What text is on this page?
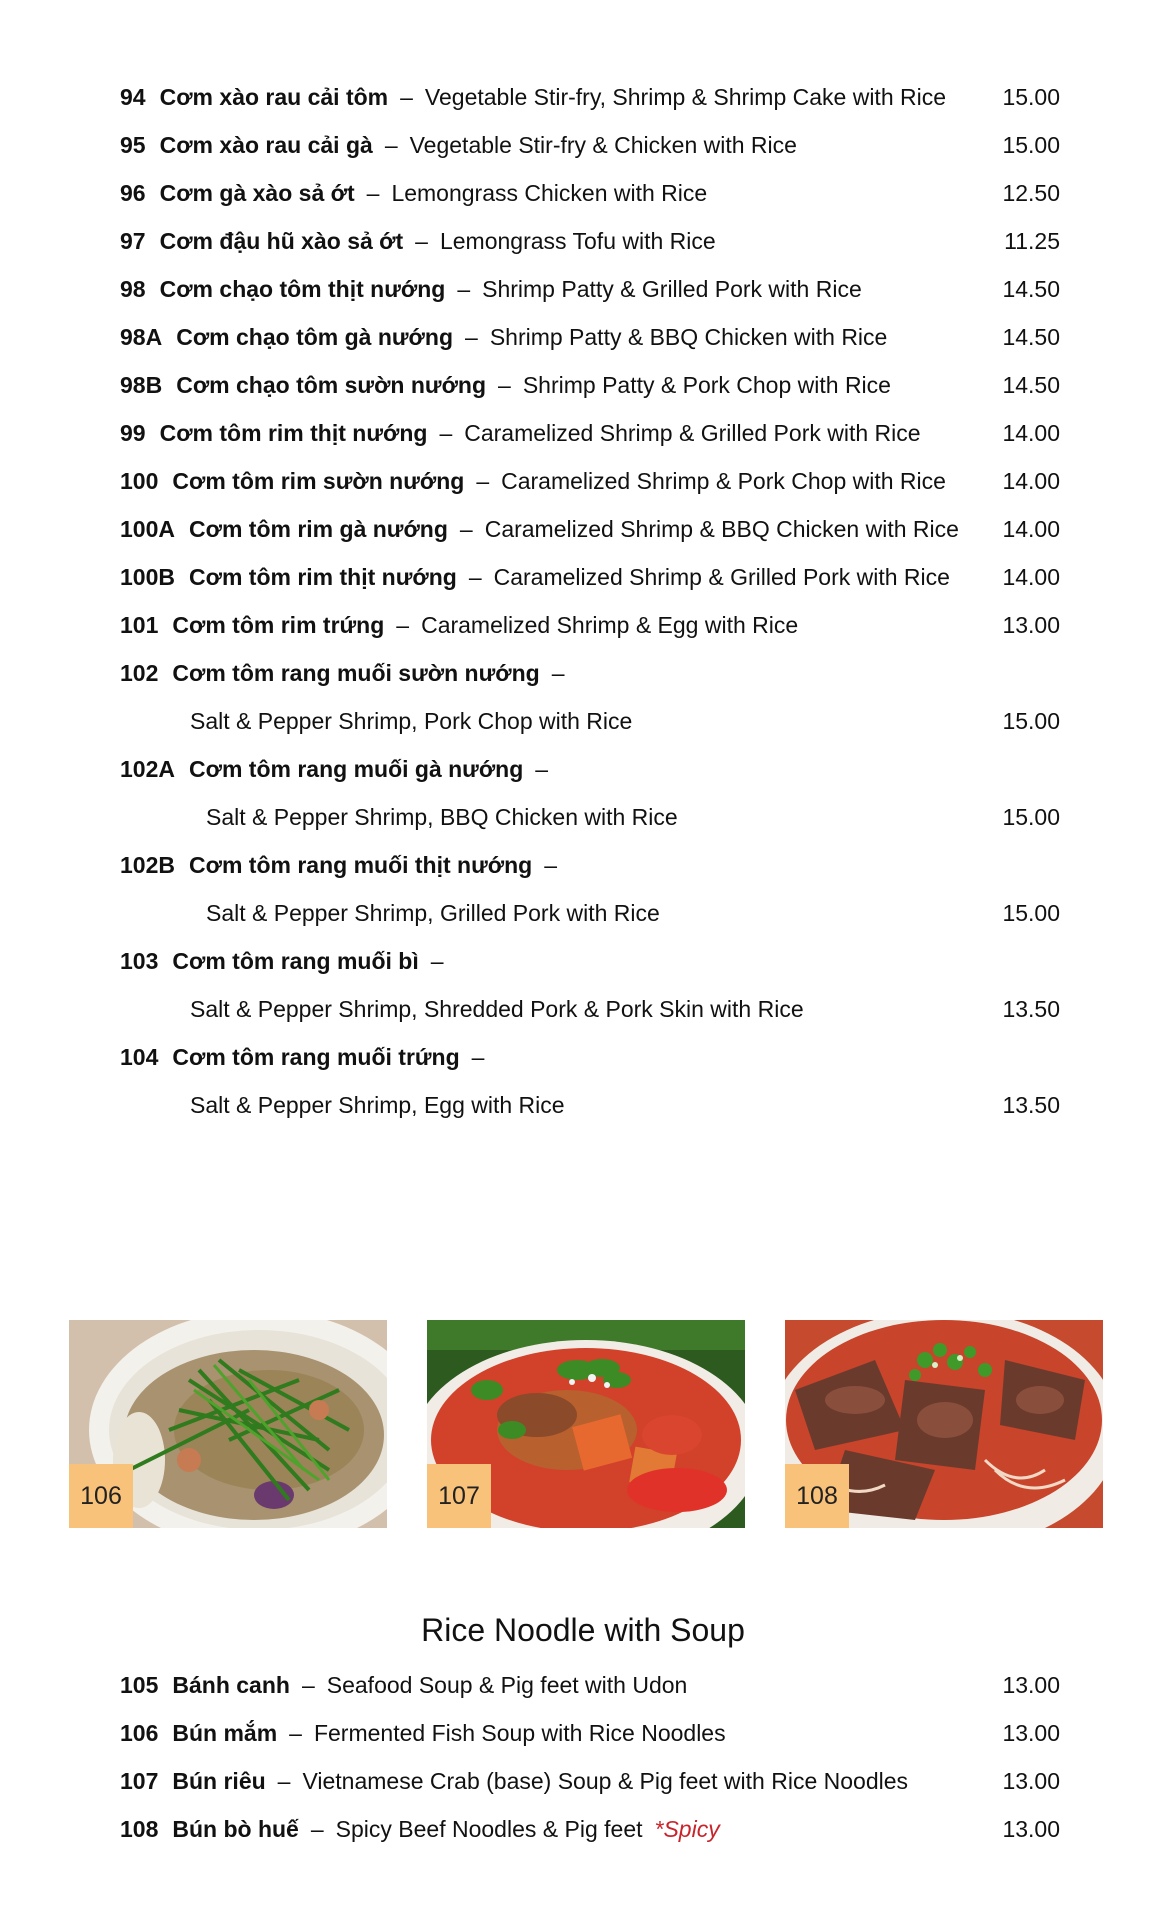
94 Cơm xào rau cải tôm – Vegetable Stir-fry, Shrimp & Shrimp Cake with Rice 15.00
95 Cơm xào rau cải gà – Vegetable Stir-fry & Chicken with Rice	15.00
96 Cơm gà xào sả ớt – Lemongrass Chicken with Rice	12.50
97 Cơm đậu hũ xào sả ớt – Lemongrass Tofu with Rice	11.25
98 Cơm chạo tôm thịt nướng – Shrimp Patty & Grilled Pork with Rice	14.50
98A Cơm chạo tôm gà nướng – Shrimp Patty & BBQ Chicken with Rice	14.50
98B Cơm chạo tôm sườn nướng – Shrimp Patty & Pork Chop with Rice	14.50
99 Cơm tôm rim thịt nướng – Caramelized Shrimp & Grilled Pork with Rice	14.00
100 Cơm tôm rim sườn nướng – Caramelized Shrimp & Pork Chop with Rice 14.00
100A Cơm tôm rim gà nướng – Caramelized Shrimp & BBQ Chicken with Rice 14.00
100B Cơm tôm rim thịt nướng – Caramelized Shrimp & Grilled Pork with Rice 14.00
101 Cơm tôm rim trứng – Caramelized Shrimp & Egg with Rice	13.00
102 Cơm tôm rang muối sườn nướng –
Salt & Pepper Shrimp, Pork Chop with Rice	15.00
102A Cơm tôm rang muối gà nướng –
Salt & Pepper Shrimp, BBQ Chicken with Rice	15.00
102B Cơm tôm rang muối thịt nướng –
Salt & Pepper Shrimp, Grilled Pork with Rice	15.00
103 Cơm tôm rang muối bì –
Salt & Pepper Shrimp, Shredded Pork & Pork Skin with Rice	13.50
104 Cơm tôm rang muối trứng –
Salt & Pepper Shrimp, Egg with Rice	13.50
106	107	108
Rice Noodle with Soup
105 Bánh canh – Seafood Soup & Pig feet with Udon	13.00
106 Bún mắm – Fermented Fish Soup with Rice Noodles	13.00
107 Bún riêu – Vietnamese Crab (base) Soup & Pig feet with Rice Noodles	13.00
108 Bún bò huế – Spicy Beef Noodles & Pig feet *Spicy	13.00
